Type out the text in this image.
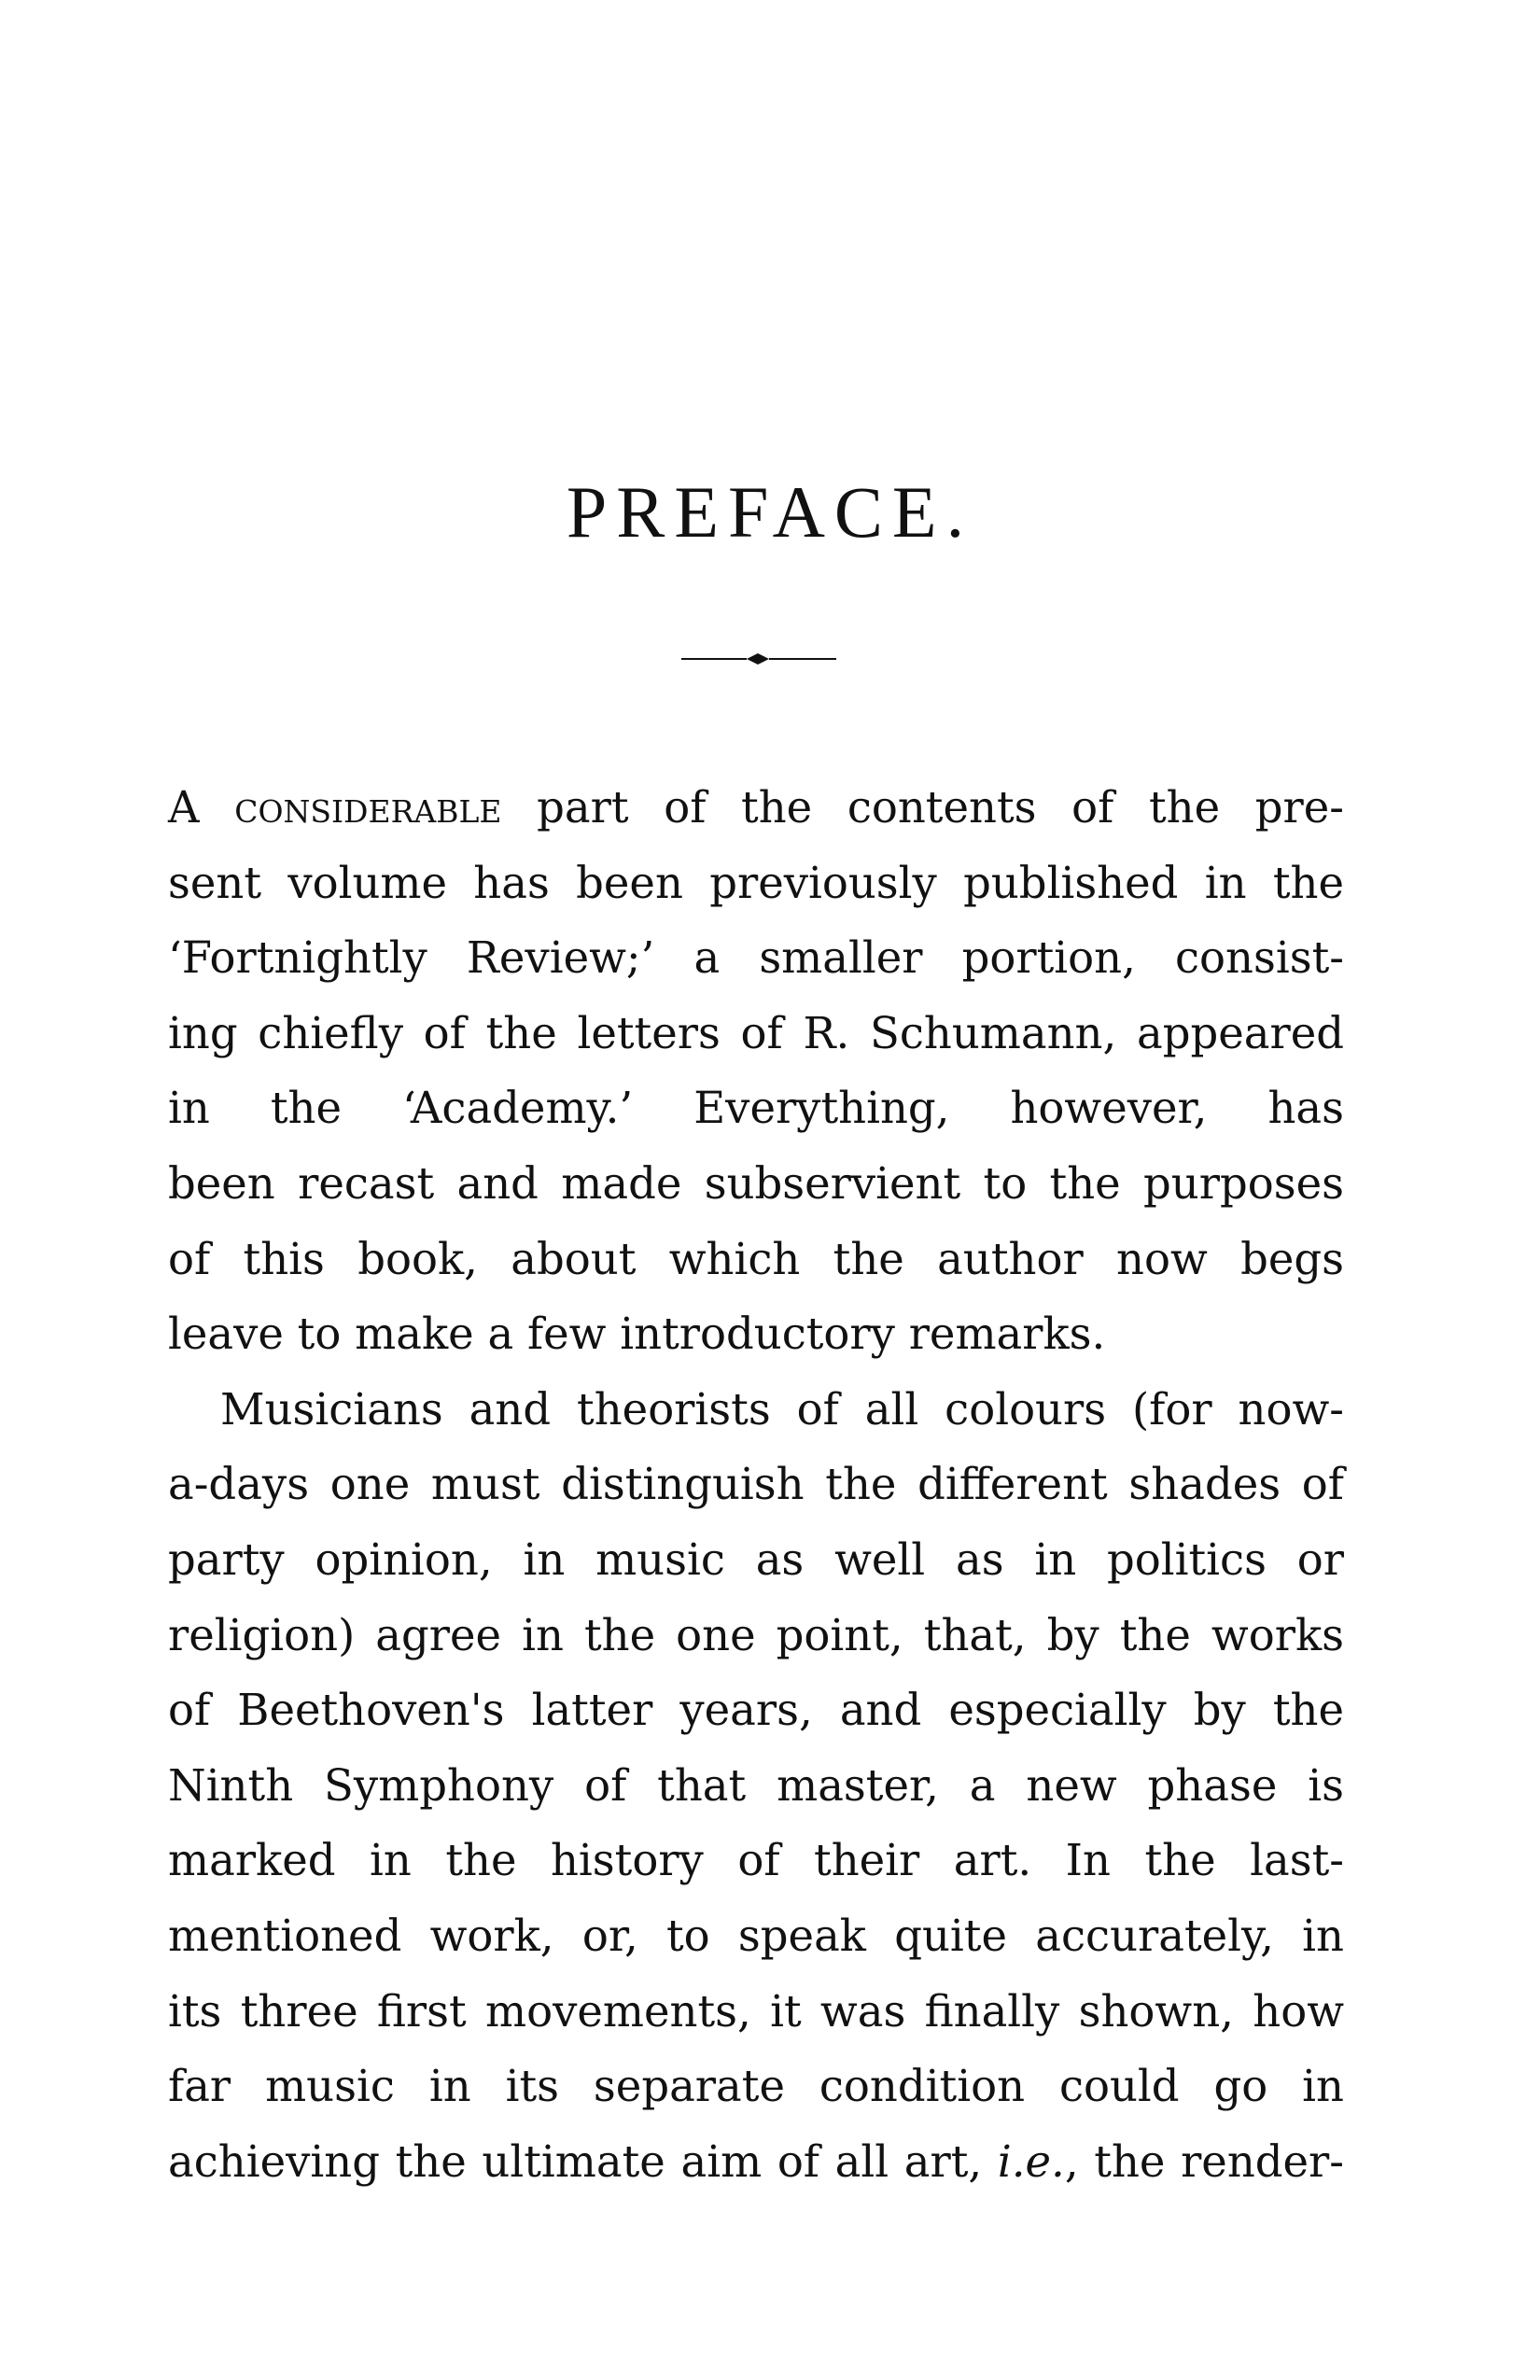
PREFACE.
A considerable part of the contents of the pre-
sent volume has been previously published in the
‘Fortnightly Review;’ a smaller portion, consist-
ing chiefly of the letters of R. Schumann, appeared
in the ‘Academy.’ Everything, however, has
been recast and made subservient to the purposes
of this book, about which the author now begs
leave to make a few introductory remarks.
Musicians and theorists of all colours (for now-
a-days one must distinguish the different shades of
party opinion, in music as well as in politics or
religion) agree in the one point, that, by the works
of Beethoven's latter years, and especially by the
Ninth Symphony of that master, a new phase is
marked in the history of their art. In the last-
mentioned work, or, to speak quite accurately, in
its three first movements, it was finally shown, how
far music in its separate condition could go in
achieving the ultimate aim of all art, i.e., the render-
